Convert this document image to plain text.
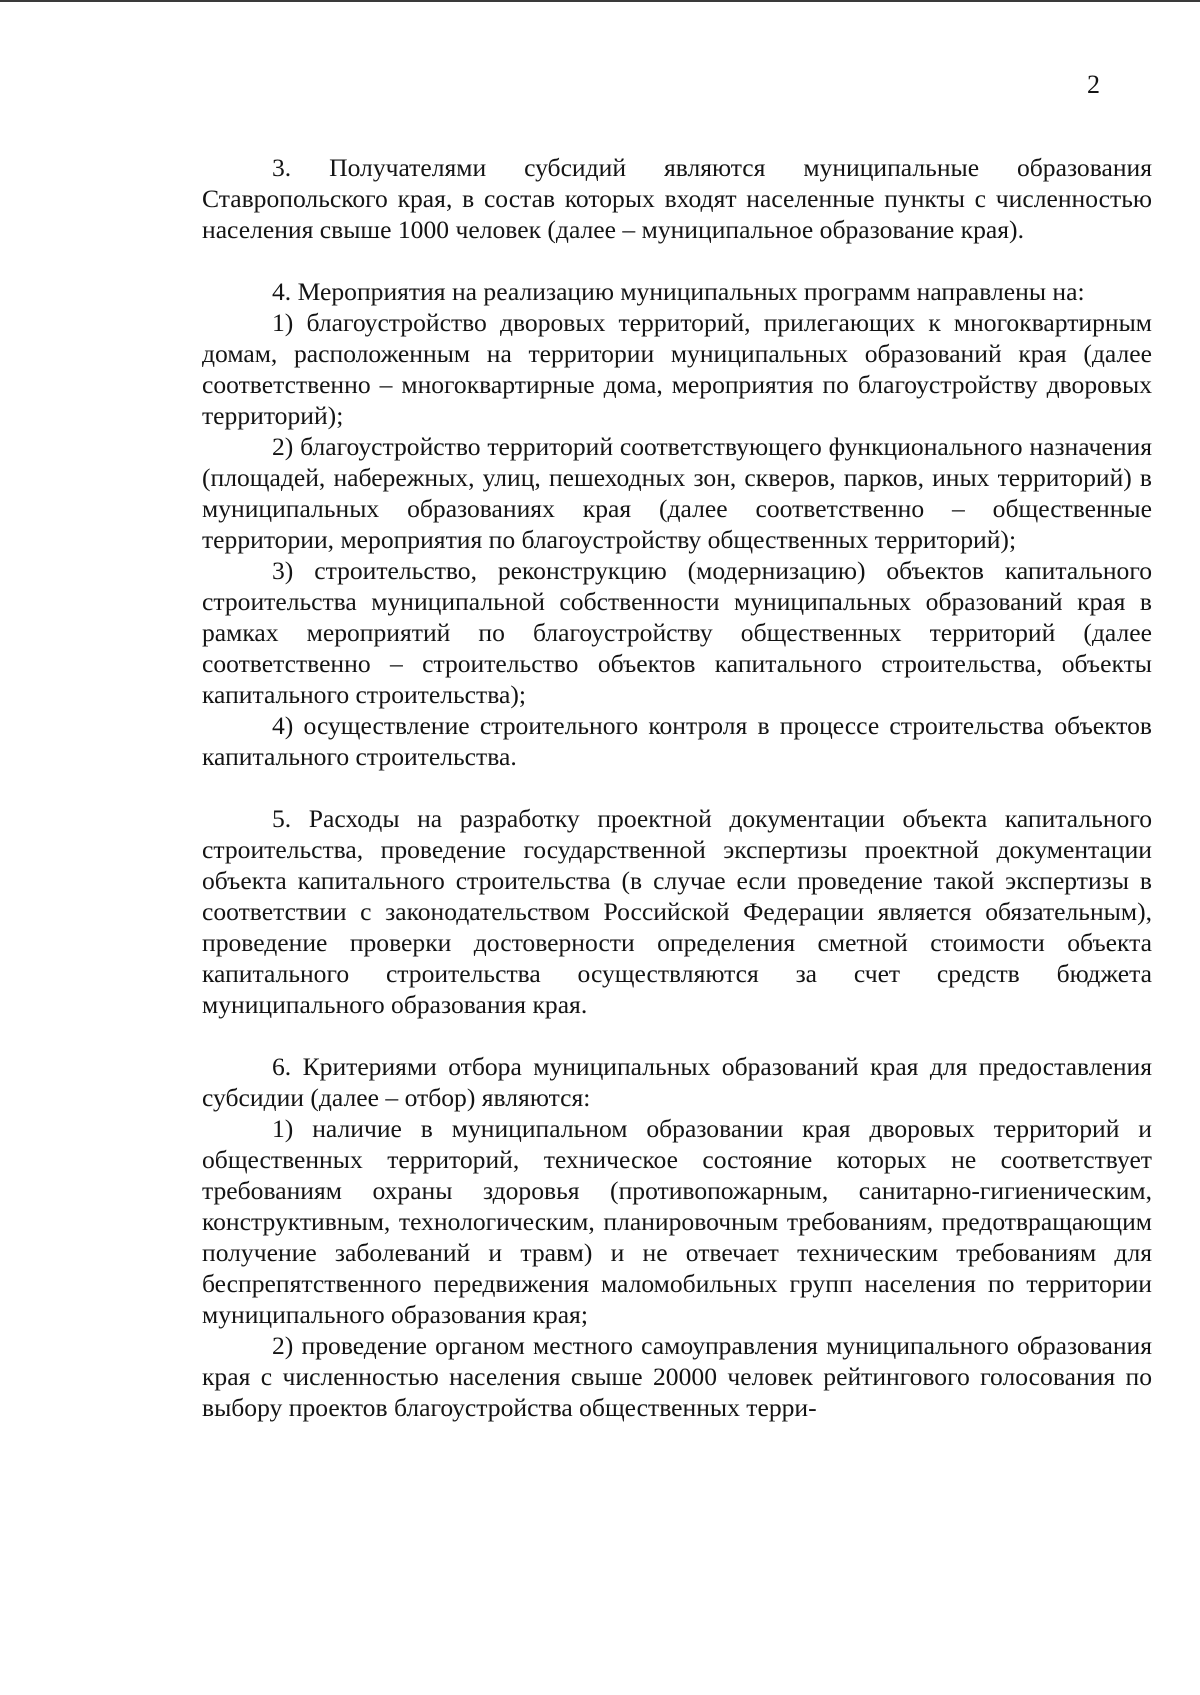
2

3. Получателями субсидий являются муниципальные образования Ставропольского края, в состав которых входят населенные пункты с численностью населения свыше 1000 человек (далее – муниципальное образование края).

4. Мероприятия на реализацию муниципальных программ направлены на:

1) благоустройство дворовых территорий, прилегающих к многоквартирным домам, расположенным на территории муниципальных образований края (далее соответственно – многоквартирные дома, мероприятия по благоустройству дворовых территорий);

2) благоустройство территорий соответствующего функционального назначения (площадей, набережных, улиц, пешеходных зон, скверов, парков, иных территорий) в муниципальных образованиях края (далее соответственно – общественные территории, мероприятия по благоустройству общественных территорий);

3) строительство, реконструкцию (модернизацию) объектов капитального строительства муниципальной собственности муниципальных образований края в рамках мероприятий по благоустройству общественных территорий (далее соответственно – строительство объектов капитального строительства, объекты капитального строительства);

4) осуществление строительного контроля в процессе строительства объектов капитального строительства.

5. Расходы на разработку проектной документации объекта капитального строительства, проведение государственной экспертизы проектной документации объекта капитального строительства (в случае если проведение такой экспертизы в соответствии с законодательством Российской Федерации является обязательным), проведение проверки достоверности определения сметной стоимости объекта капитального строительства осуществляются за счет средств бюджета муниципального образования края.

6. Критериями отбора муниципальных образований края для предоставления субсидии (далее – отбор) являются:

1) наличие в муниципальном образовании края дворовых территорий и общественных территорий, техническое состояние которых не соответствует требованиям охраны здоровья (противопожарным, санитарно-гигиеническим, конструктивным, технологическим, планировочным требованиям, предотвращающим получение заболеваний и травм) и не отвечает техническим требованиям для беспрепятственного передвижения маломобильных групп населения по территории муниципального образования края;

2) проведение органом местного самоуправления муниципального образования края с численностью населения свыше 20000 человек рейтингового голосования по выбору проектов благоустройства общественных терри-
